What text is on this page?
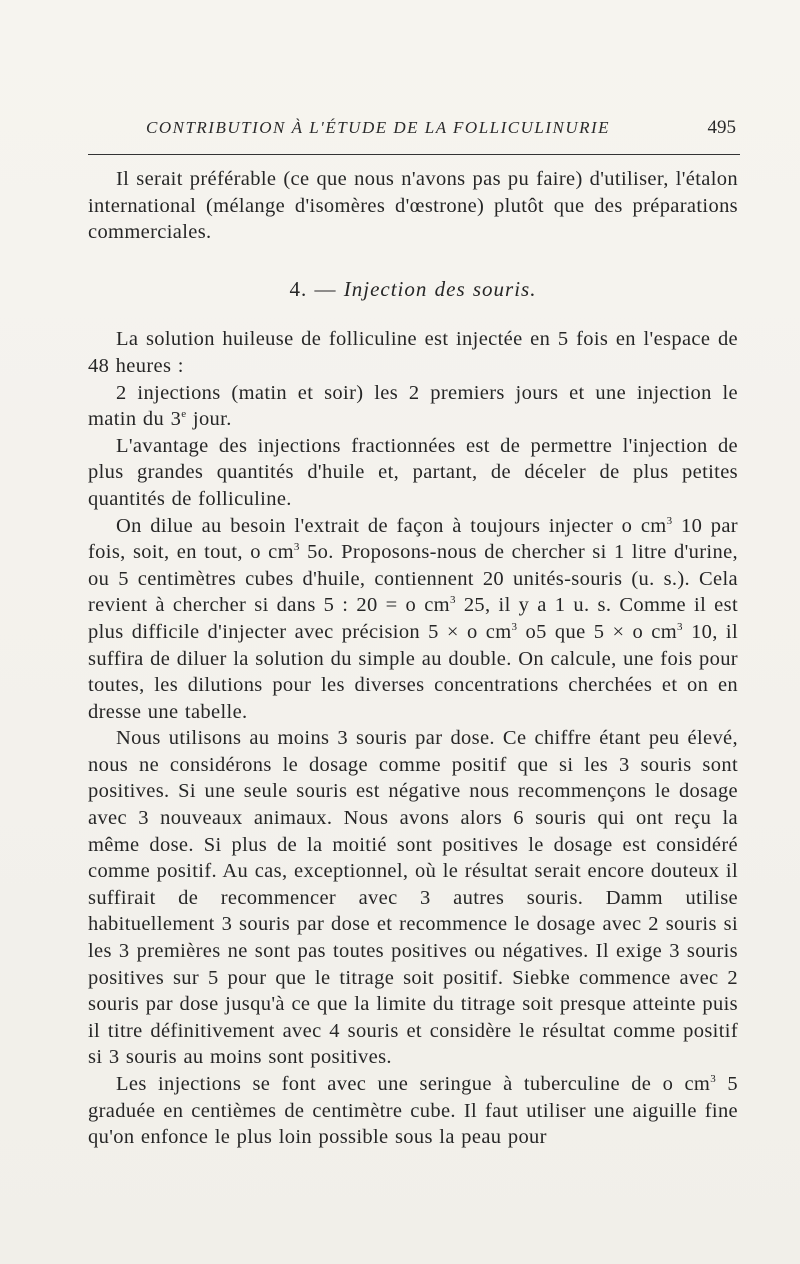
CONTRIBUTION À L'ÉTUDE DE LA FOLLICULINURIE	495

Il serait préférable (ce que nous n'avons pas pu faire) d'utiliser, l'étalon international (mélange d'isomères d'œstrone) plutôt que des préparations commerciales.

4. — Injection des souris.

La solution huileuse de folliculine est injectée en 5 fois en l'espace de 48 heures :

2 injections (matin et soir) les 2 premiers jours et une injection le matin du 3e jour.

L'avantage des injections fractionnées est de permettre l'injection de plus grandes quantités d'huile et, partant, de déceler de plus petites quantités de folliculine.

On dilue au besoin l'extrait de façon à toujours injecter o $cm^3$ 10 par fois, soit, en tout, o $cm^3$ 5o. Proposons-nous de chercher si 1 litre d'urine, ou 5 centimètres cubes d'huile, contiennent 20 unités-souris (u. s.). Cela revient à chercher si dans 5 : 20 = o $cm^3$ 25, il y a 1 u. s. Comme il est plus difficile d'injecter avec précision 5 × o $cm^3$ o5 que 5 × o $cm^3$ 10, il suffira de diluer la solution du simple au double. On calcule, une fois pour toutes, les dilutions pour les diverses concentrations cherchées et on en dresse une tabelle.

Nous utilisons au moins 3 souris par dose. Ce chiffre étant peu élevé, nous ne considérons le dosage comme positif que si les 3 souris sont positives. Si une seule souris est négative nous recommençons le dosage avec 3 nouveaux animaux. Nous avons alors 6 souris qui ont reçu la même dose. Si plus de la moitié sont positives le dosage est considéré comme positif. Au cas, exceptionnel, où le résultat serait encore douteux il suffirait de recommencer avec 3 autres souris. Damm utilise habituellement 3 souris par dose et recommence le dosage avec 2 souris si les 3 premières ne sont pas toutes positives ou négatives. Il exige 3 souris positives sur 5 pour que le titrage soit positif. Siebke commence avec 2 souris par dose jusqu'à ce que la limite du titrage soit presque atteinte puis il titre définitivement avec 4 souris et considère le résultat comme positif si 3 souris au moins sont positives.

Les injections se font avec une seringue à tuberculine de o $cm^3$ 5 graduée en centièmes de centimètre cube. Il faut utiliser une aiguille fine qu'on enfonce le plus loin possible sous la peau pour
